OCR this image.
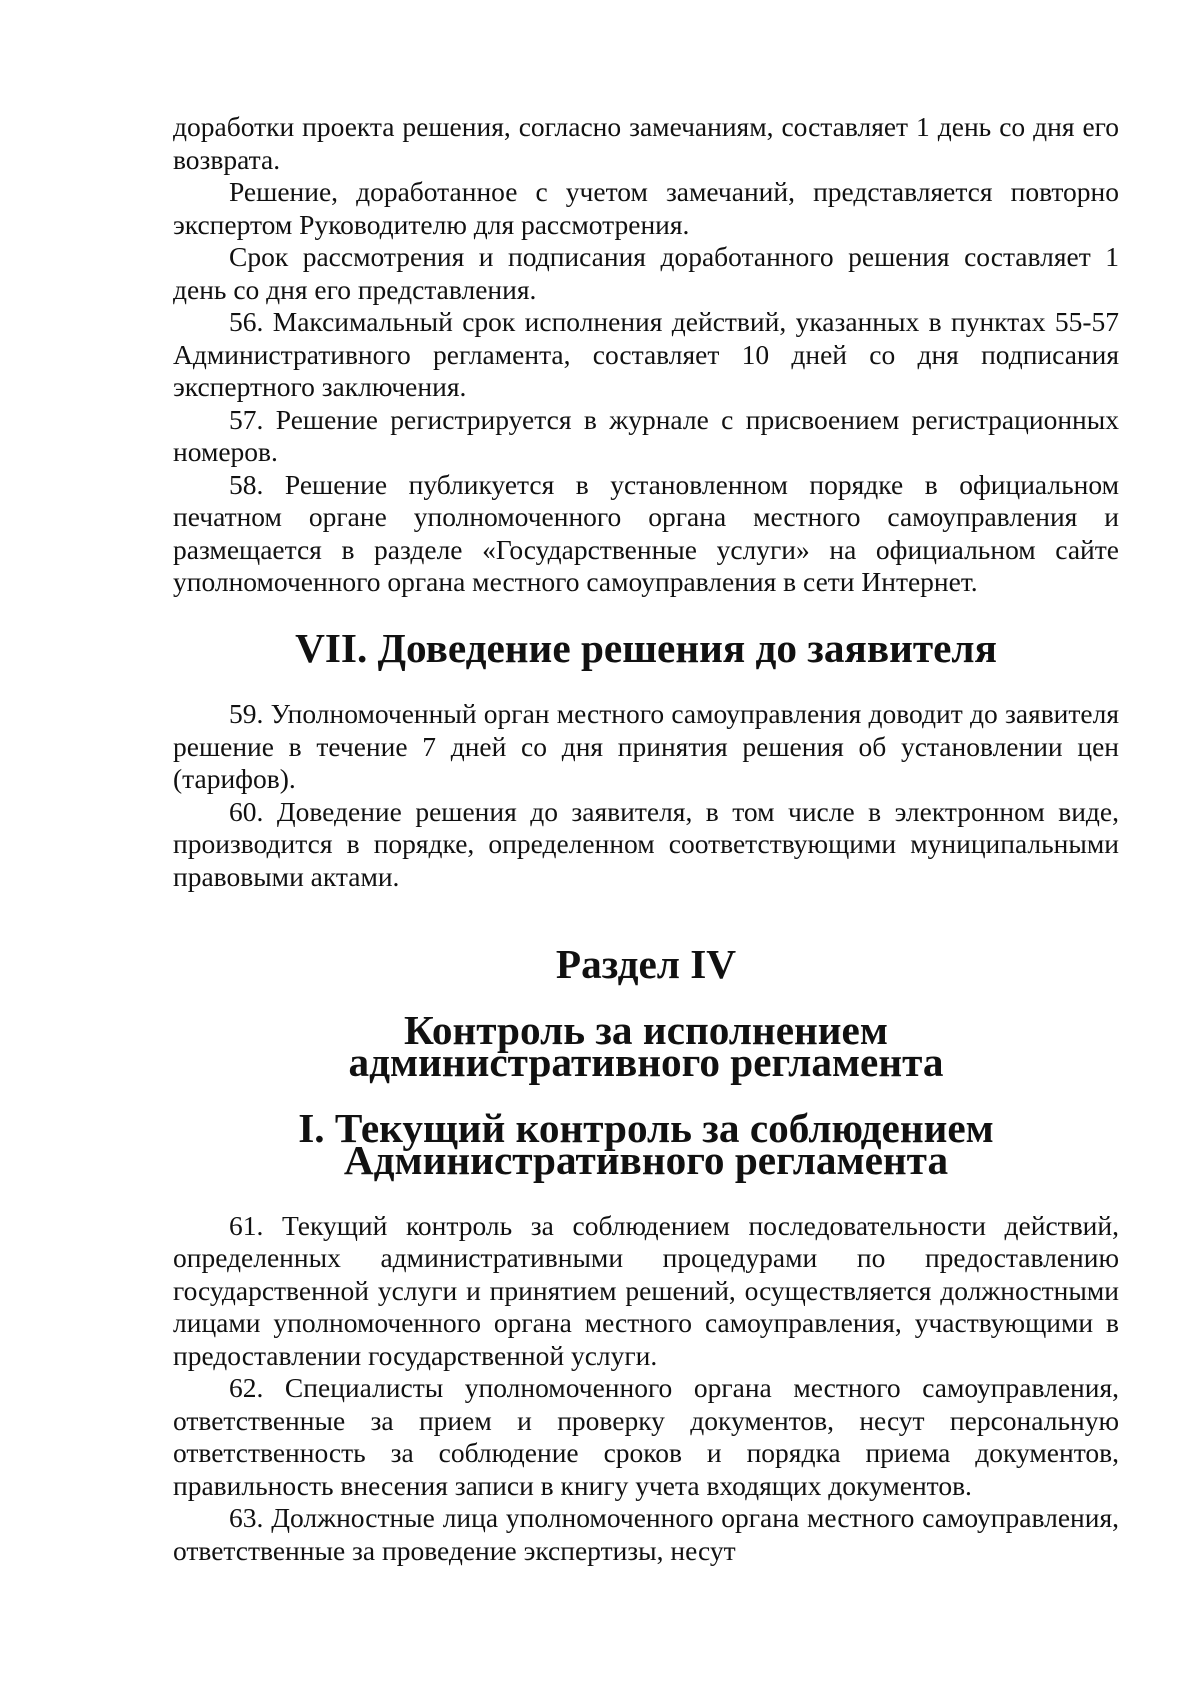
доработки проекта решения, согласно замечаниям, составляет 1 день со дня его возврата.

Решение, доработанное с учетом замечаний, представляется повторно экспертом Руководителю для рассмотрения.

Срок рассмотрения и подписания доработанного решения составляет 1 день со дня его представления.

56. Максимальный срок исполнения действий, указанных в пунктах 55-57 Административного регламента, составляет 10 дней со дня подписания экспертного заключения.

57. Решение регистрируется в журнале с присвоением регистрационных номеров.

58. Решение публикуется в установленном порядке в официальном печатном органе уполномоченного органа местного самоуправления и размещается в разделе «Государственные услуги» на официальном сайте уполномоченного органа местного самоуправления в сети Интернет.

VII. Доведение решения до заявителя

59. Уполномоченный орган местного самоуправления доводит до заявителя решение в течение 7 дней со дня принятия решения об установлении цен (тарифов).

60. Доведение решения до заявителя, в том числе в электронном виде, производится в порядке, определенном соответствующими муниципальными правовыми актами.

Раздел IV
Контроль за исполнением
административного регламента
I. Текущий контроль за соблюдением
Административного регламента

61. Текущий контроль за соблюдением последовательности действий, определенных административными процедурами по предоставлению государственной услуги и принятием решений, осуществляется должностными лицами уполномоченного органа местного самоуправления, участвующими в предоставлении государственной услуги.

62. Специалисты уполномоченного органа местного самоуправления, ответственные за прием и проверку документов, несут персональную ответственность за соблюдение сроков и порядка приема документов, правильность внесения записи в книгу учета входящих документов.

63. Должностные лица уполномоченного органа местного самоуправления, ответственные за проведение экспертизы, несут
